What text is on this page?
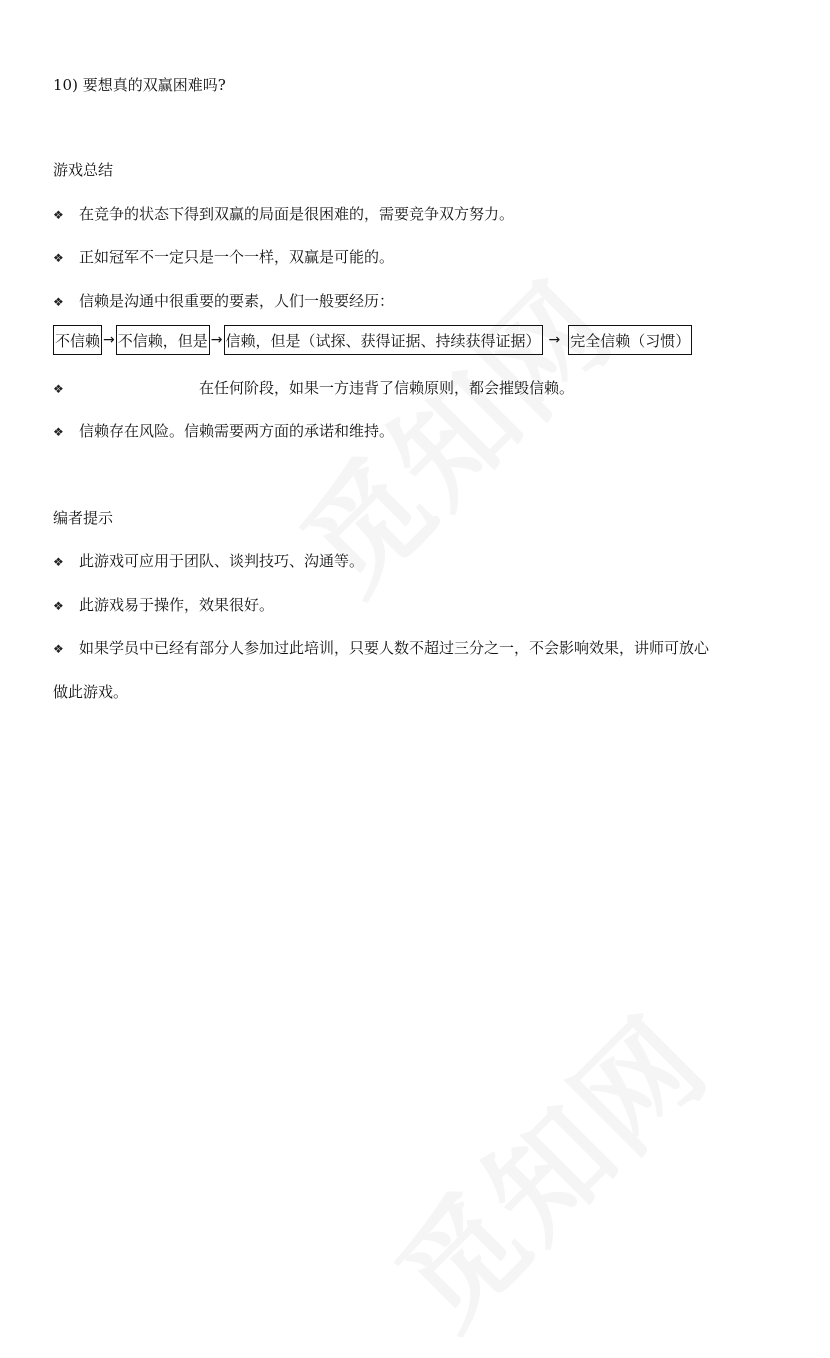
10) 要想真的双赢困难吗?
游戏总结
❖ 在竞争的状态下得到双赢的局面是很困难的，需要竞争双方努力。
❖ 正如冠军不一定只是一个一样，双赢是可能的。
❖ 信赖是沟通中很重要的要素，人们一般要经历：
不信赖 → 不信赖，但是 → 信赖，但是（试探、获得证据、持续获得证据） → 完全信赖（习惯）
❖	在任何阶段，如果一方违背了信赖原则，都会摧毁信赖。
❖ 信赖存在风险。信赖需要两方面的承诺和维持。
编者提示
❖ 此游戏可应用于团队、谈判技巧、沟通等。
❖ 此游戏易于操作，效果很好。
❖ 如果学员中已经有部分人参加过此培训，只要人数不超过三分之一，不会影响效果，讲师可放心
做此游戏。
